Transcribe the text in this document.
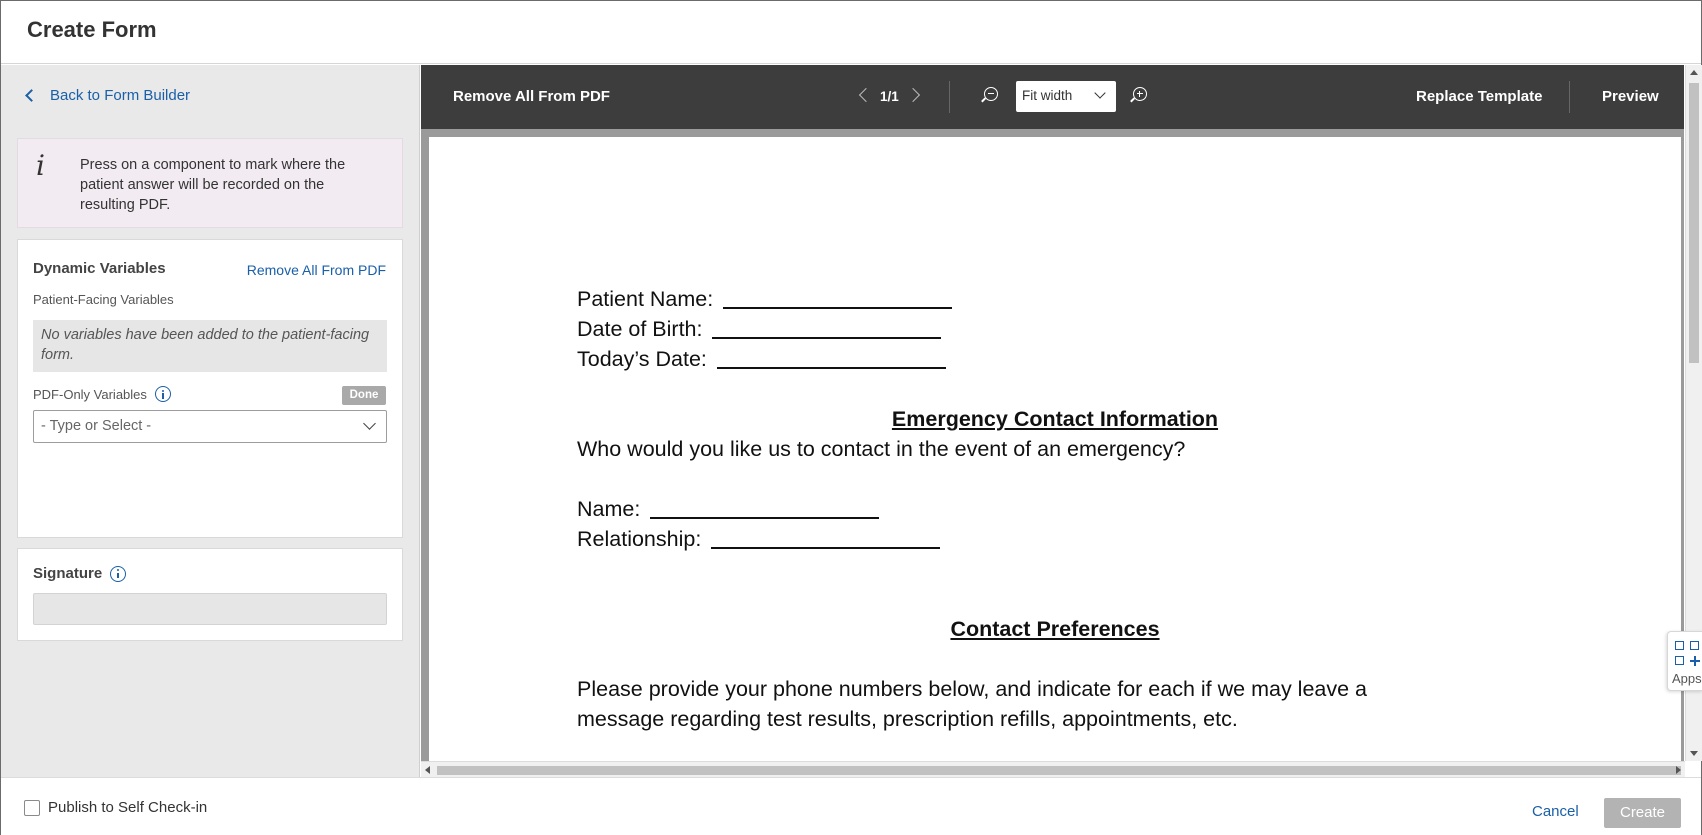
Create Form
Back to Form Builder
i Press on a component to mark where the patient answer will be recorded on the resulting PDF.
Dynamic Variables	Remove All From PDF
Patient-Facing Variables
No variables have been added to the patient-facing form.
PDF-Only Variables	Done
- Type or Select -
Signature
Remove All From PDF	1/1	Fit width	Replace Template	Preview
Patient Name:
Date of Birth:
Today’s Date:
Emergency Contact Information
Who would you like us to contact in the event of an emergency?
Name:
Relationship:
Contact Preferences
Please provide your phone numbers below, and indicate for each if we may leave a
message regarding test results, prescription refills, appointments, etc.
Apps
Publish to Self Check-in	Cancel	Create
